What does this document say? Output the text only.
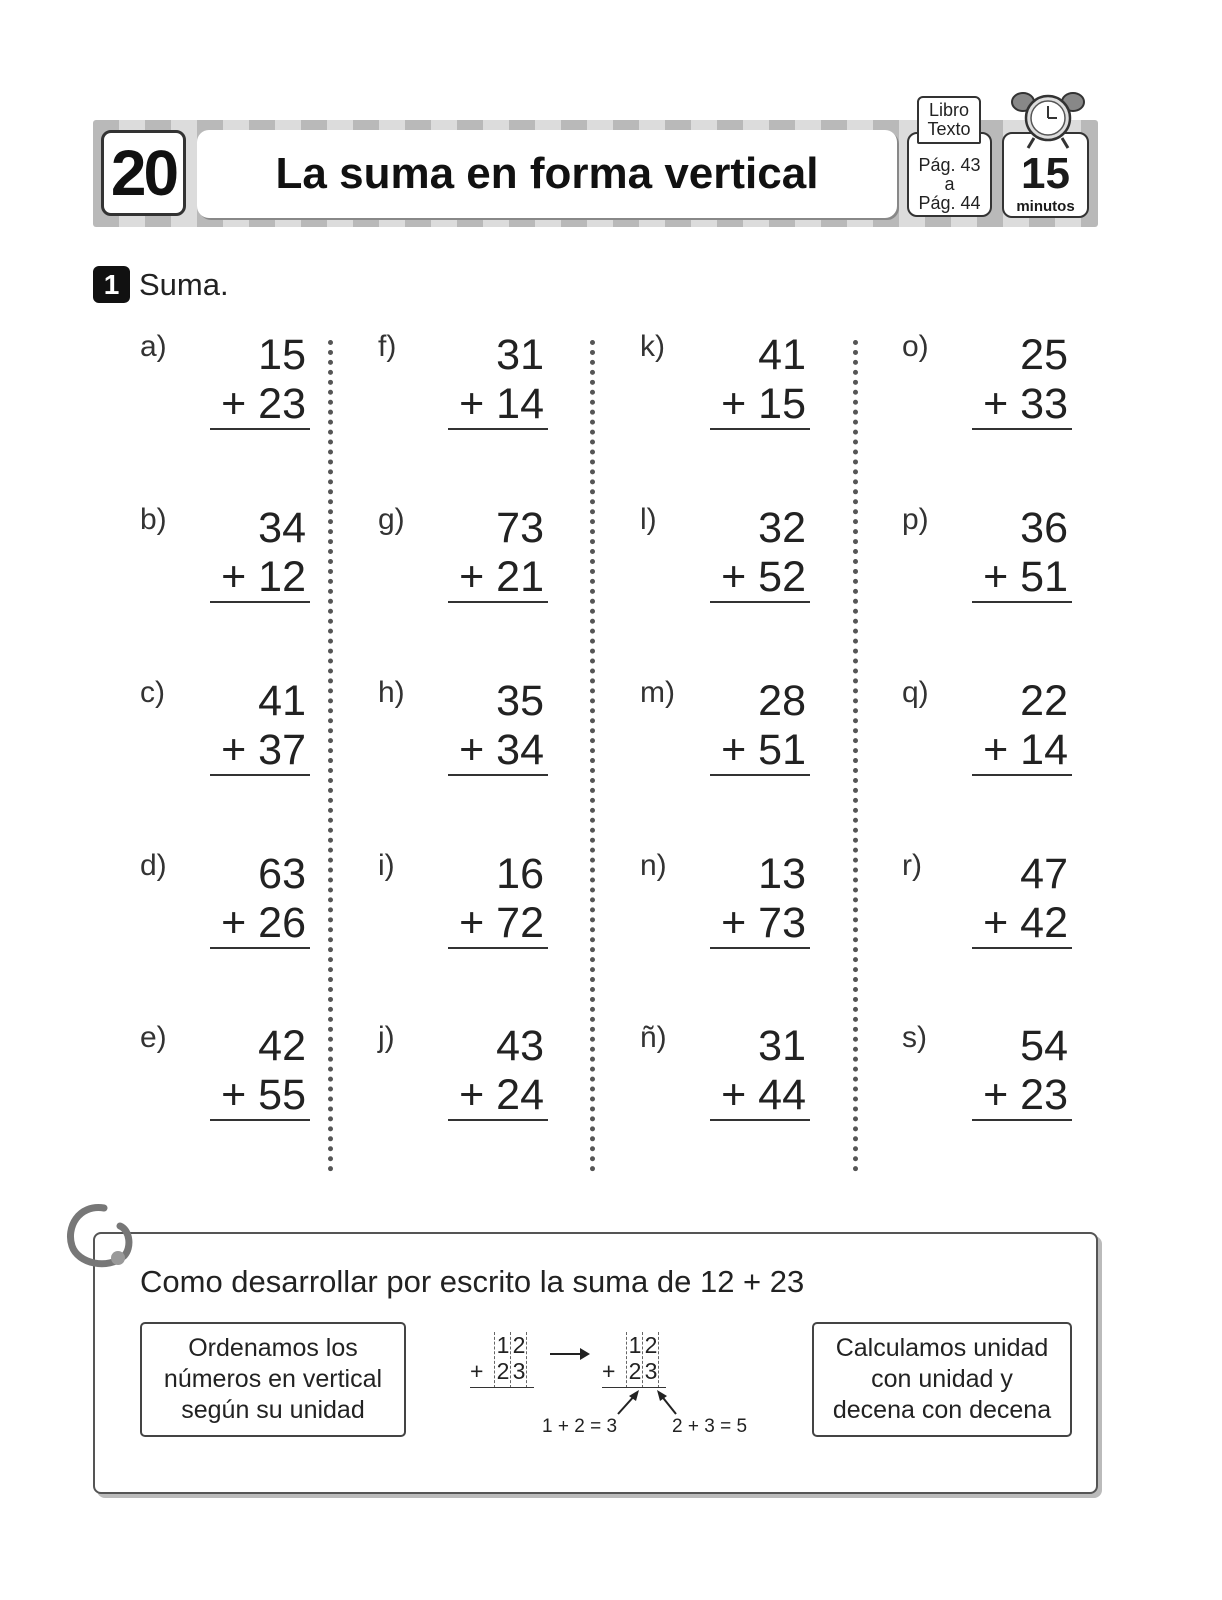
20	La suma en forma vertical	Pág. 43
a
Pág. 44
Libro
Texto
15
minutos
1 Suma.
a)	15
+ 23
b)	34
+ 12
c)	41
+ 37
d)	63
+ 26
e)	42
+ 55
f)	31
+ 14
g)	73
+ 21
h)	35
+ 34
i)	16
+ 72
j)	43
+ 24
k)	41
+ 15
l)	32
+ 52
m)	28
+ 51
n)	13
+ 73
ñ)	31
+ 44
o)	25
+ 33
p)	36
+ 51
q)	22
+ 14
r)	47
+ 42
s)	54
+ 23
Como desarrollar por escrito la suma de 12 + 23
Ordenamos los
números en vertical
según su unidad
Calculamos unidad
con unidad y
decena con decena
1 2
+ 2 3
1 2
+ 2 3
1 + 2 = 3	2 + 3 = 5
